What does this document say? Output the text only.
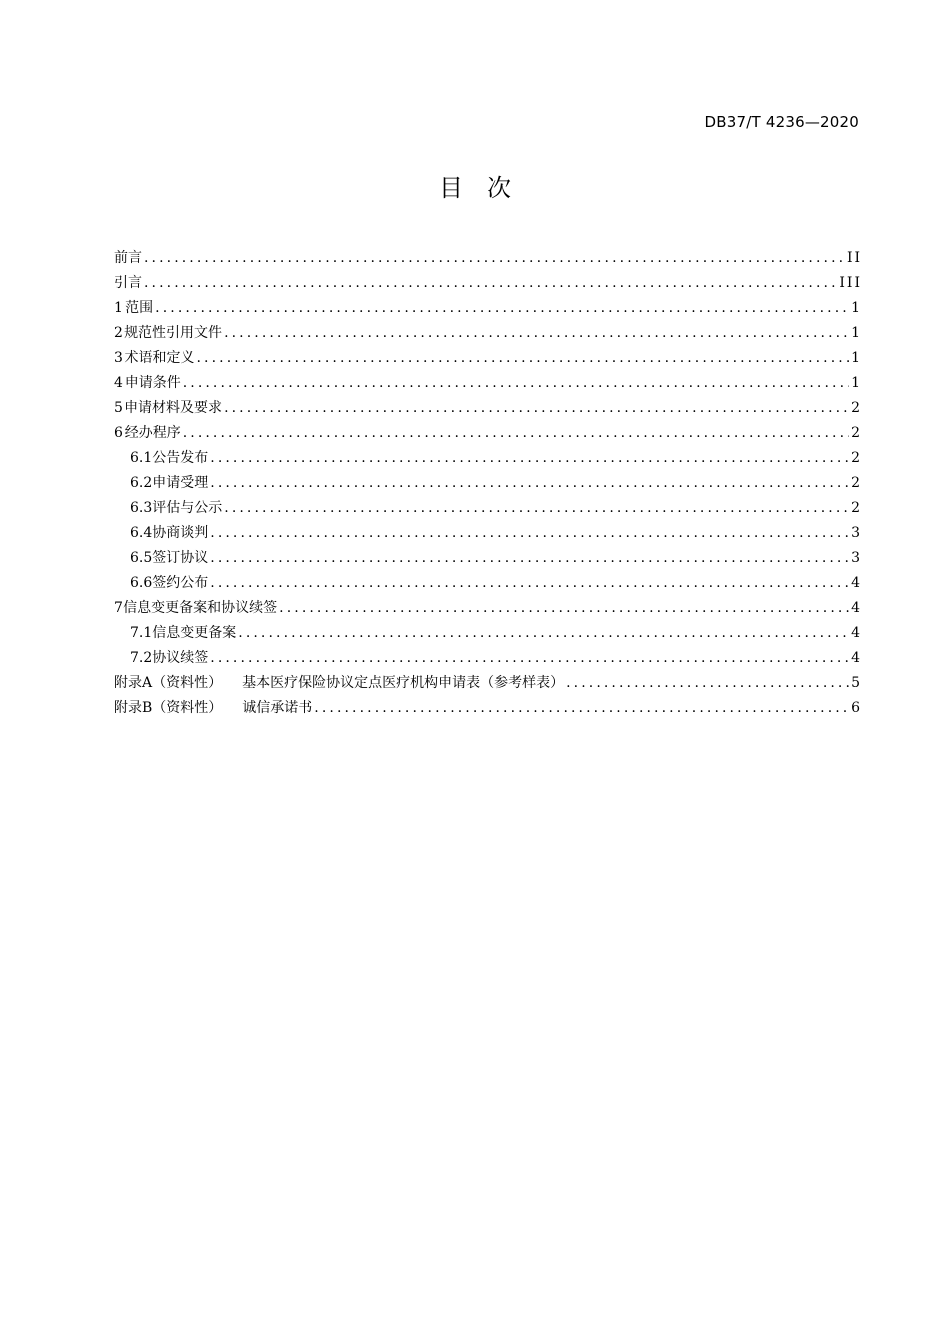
DB37/T 4236—2020
目 次
前言 .....	II
引言 .....	III
1 范围 .....	1
2 规范性引用文件 .....	1
3 术语和定义 .....	1
4 申请条件 .....	1
5 申请材料及要求 .....	2
6 经办程序 .....	2
6.1 公告发布 .....	2
6.2 申请受理 .....	2
6.3 评估与公示 .....	2
6.4 协商谈判 .....	3
6.5 签订协议 .....	3
6.6 签约公布 .....	4
7 信息变更备案和协议续签 .....	4
7.1 信息变更备案 .....	4
7.2 协议续签 .....	4
附录A（资料性） 基本医疗保险协议定点医疗机构申请表（参考样表） .....	5
附录B（资料性） 诚信承诺书 .....	6
